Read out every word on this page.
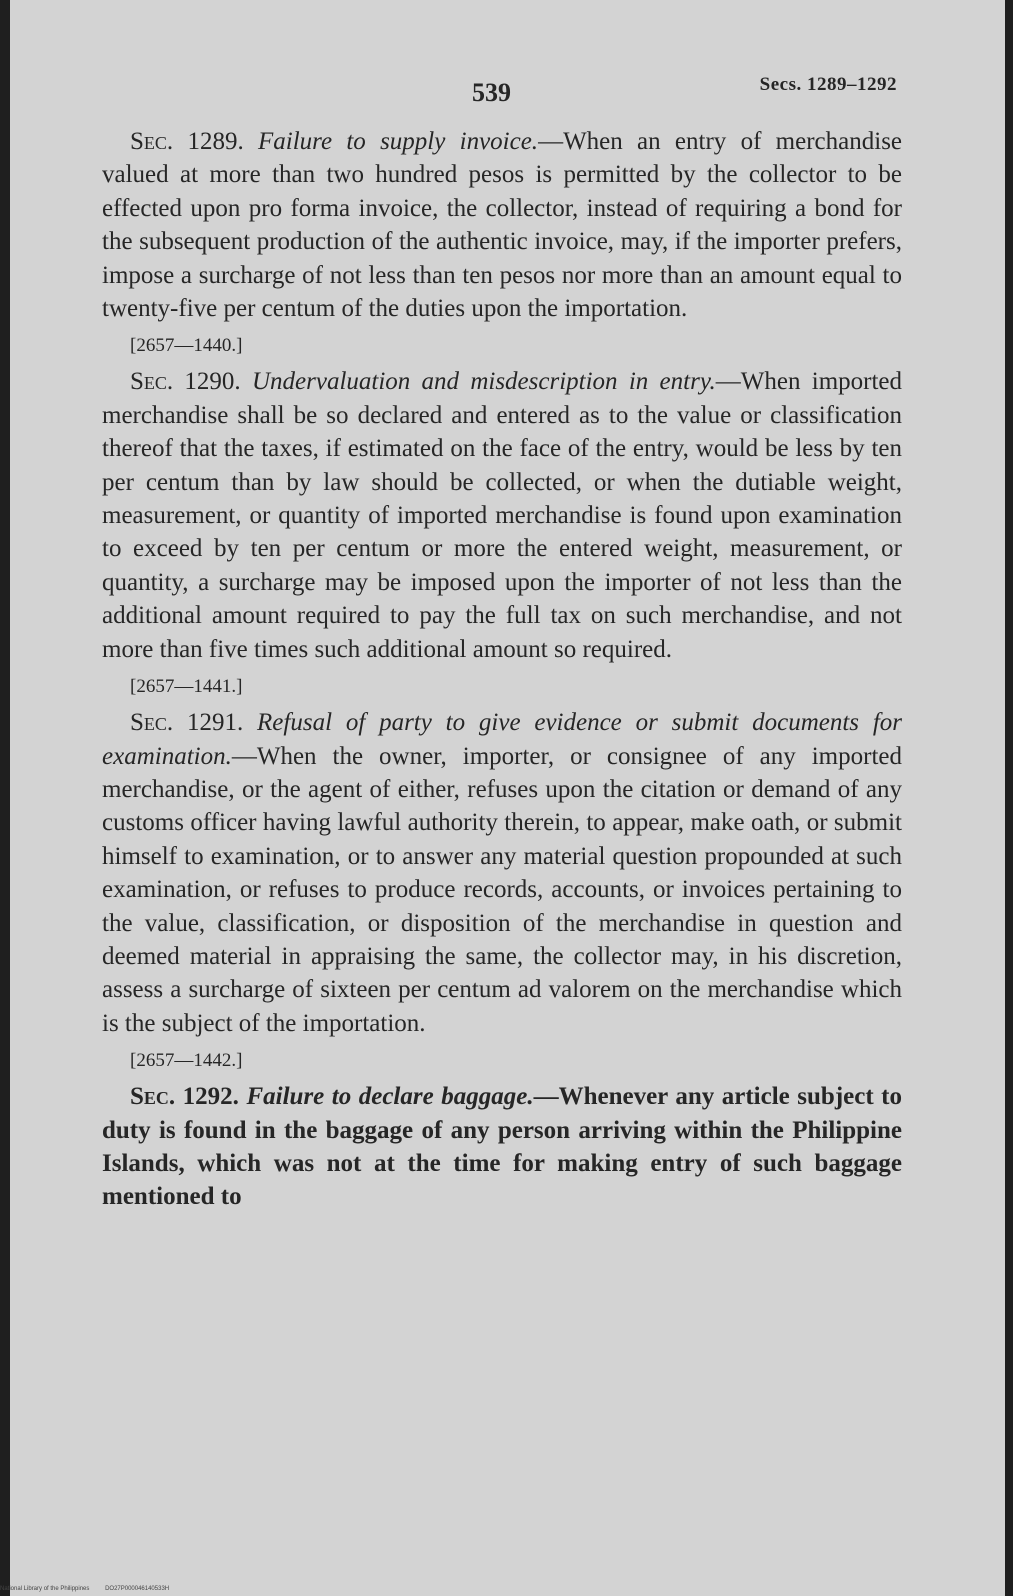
539	Secs. 1289–1292

Sec. 1289. Failure to supply invoice.—When an entry of merchandise valued at more than two hundred pesos is permitted by the collector to be effected upon pro forma invoice, the collector, instead of requiring a bond for the subsequent production of the authentic invoice, may, if the importer prefers, impose a surcharge of not less than ten pesos nor more than an amount equal to twenty-five per centum of the duties upon the importation.

[2657—1440.]

Sec. 1290. Undervaluation and misdescription in entry.—When imported merchandise shall be so declared and entered as to the value or classification thereof that the taxes, if estimated on the face of the entry, would be less by ten per centum than by law should be collected, or when the dutiable weight, measurement, or quantity of imported merchandise is found upon examination to exceed by ten per centum or more the entered weight, measurement, or quantity, a surcharge may be imposed upon the importer of not less than the additional amount required to pay the full tax on such merchandise, and not more than five times such additional amount so required.

[2657—1441.]

Sec. 1291. Refusal of party to give evidence or submit documents for examination.—When the owner, importer, or consignee of any imported merchandise, or the agent of either, refuses upon the citation or demand of any customs officer having lawful authority therein, to appear, make oath, or submit himself to examination, or to answer any material question propounded at such examination, or refuses to produce records, accounts, or invoices pertaining to the value, classification, or disposition of the merchandise in question and deemed material in appraising the same, the collector may, in his discretion, assess a surcharge of sixteen per centum ad valorem on the merchandise which is the subject of the importation.

[2657—1442.]

Sec. 1292. Failure to declare baggage.—Whenever any article subject to duty is found in the baggage of any person arriving within the Philippine Islands, which was not at the time for making entry of such baggage mentioned to

National Library of the Philippines	DO27P000046140533H
